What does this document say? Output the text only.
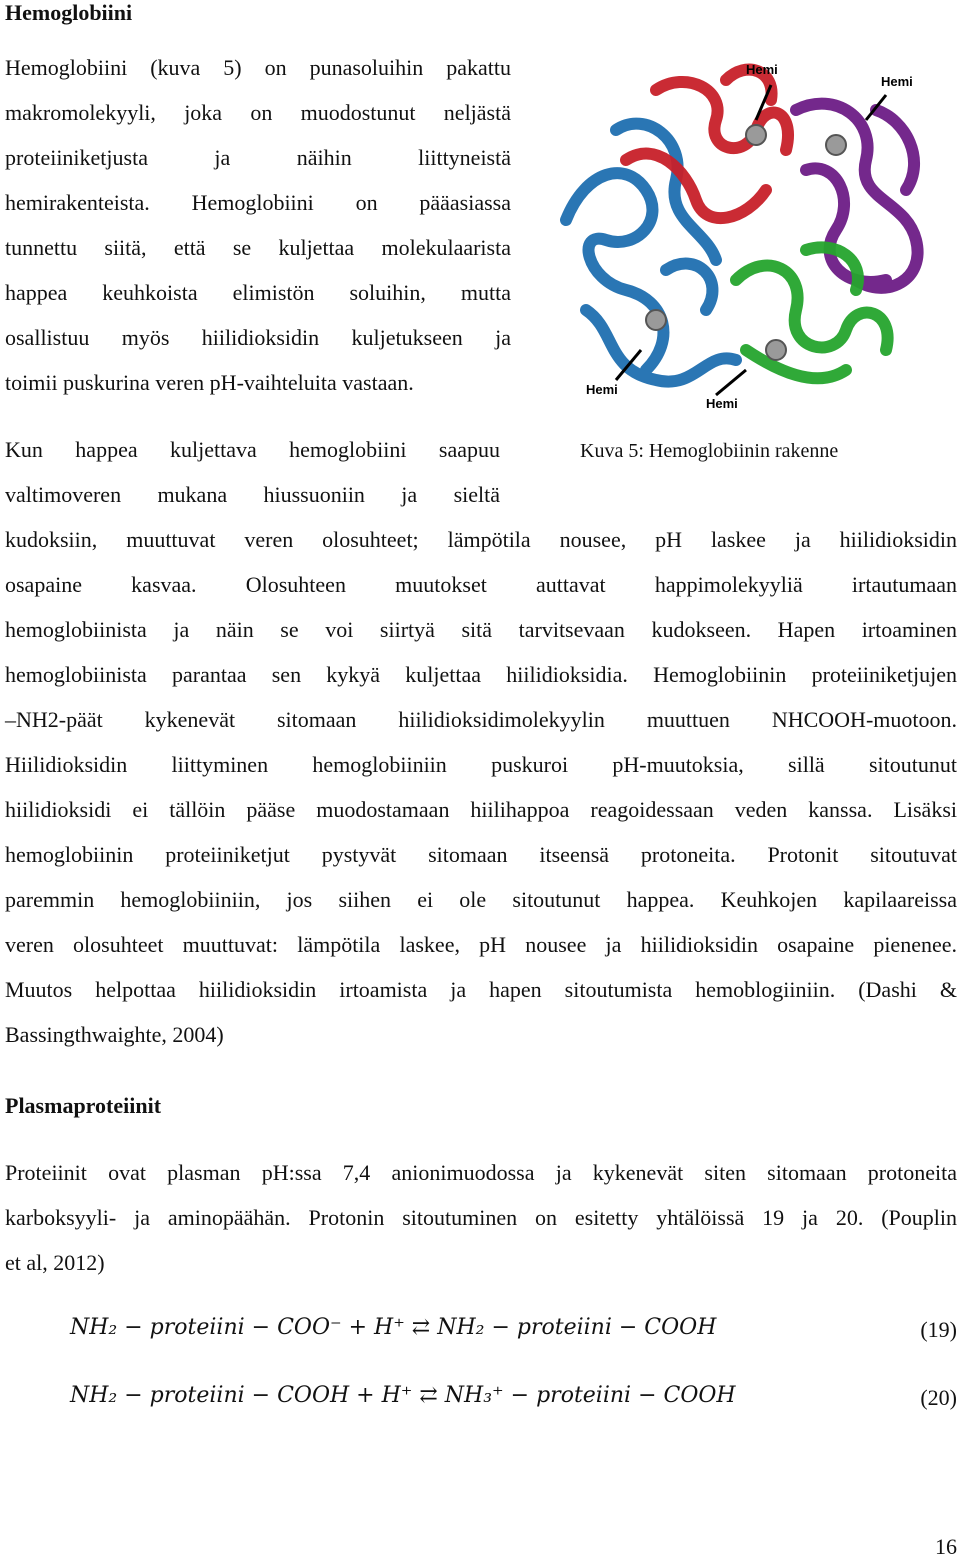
Hemoglobiini
Hemoglobiini (kuva 5) on punasoluihin pakattu
makromolekyyli, joka on muodostunut neljästä
proteiiniketjusta ja näihin liittyneistä
hemirakenteista. Hemoglobiini on pääasiassa
tunnettu siitä, että se kuljettaa molekulaarista
happea keuhkoista elimistön soluihin, mutta
osallistuu myös hiilidioksidin kuljetukseen ja
toimii puskurina veren pH-vaihteluita vastaan.
Kun happea kuljettava hemoglobiini saapuu
valtimoveren mukana hiussuoniin ja sieltä
kudoksiin, muuttuvat veren olosuhteet; lämpötila nousee, pH laskee ja hiilidioksidin
osapaine kasvaa. Olosuhteen muutokset auttavat happimolekyyliä irtautumaan
hemoglobiinista ja näin se voi siirtyä sitä tarvitsevaan kudokseen. Hapen irtoaminen
hemoglobiinista parantaa sen kykyä kuljettaa hiilidioksidia. Hemoglobiinin proteiiniketjujen
–NH2-päät kykenevät sitomaan hiilidioksidimolekyylin muuttuen NHCOOH-muotoon.
Hiilidioksidin liittyminen hemoglobiiniin puskuroi pH-muutoksia, sillä sitoutunut
hiilidioksidi ei tällöin pääse muodostamaan hiilihappoa reagoidessaan veden kanssa. Lisäksi
hemoglobiinin proteiiniketjut pystyvät sitomaan itseensä protoneita. Protonit sitoutuvat
paremmin hemoglobiiniin, jos siihen ei ole sitoutunut happea. Keuhkojen kapilaareissa
veren olosuhteet muuttuvat: lämpötila laskee, pH nousee ja hiilidioksidin osapaine pienenee.
Muutos helpottaa hiilidioksidin irtoamista ja hapen sitoutumista hemoblogiiniin. (Dashi &
Bassingthwaighte, 2004)
Hemi
Hemi
Hemi
Hemi

Kuva 5: Hemoglobiinin rakenne

Plasmaproteiinit
Proteiinit ovat plasman pH:ssa 7,4 anionimuodossa ja kykenevät siten sitomaan protoneita
karboksyyli- ja aminopäähän. Protonin sitoutuminen on esitetty yhtälöissä 19 ja 20. (Pouplin
et al, 2012)
NH₂ − proteiini − COO⁻ + H⁺ ⇄ NH₂ − proteiini − COOH	(19)
NH₂ − proteiini − COOH + H⁺ ⇄ NH₃⁺ − proteiini − COOH	(20)
16
